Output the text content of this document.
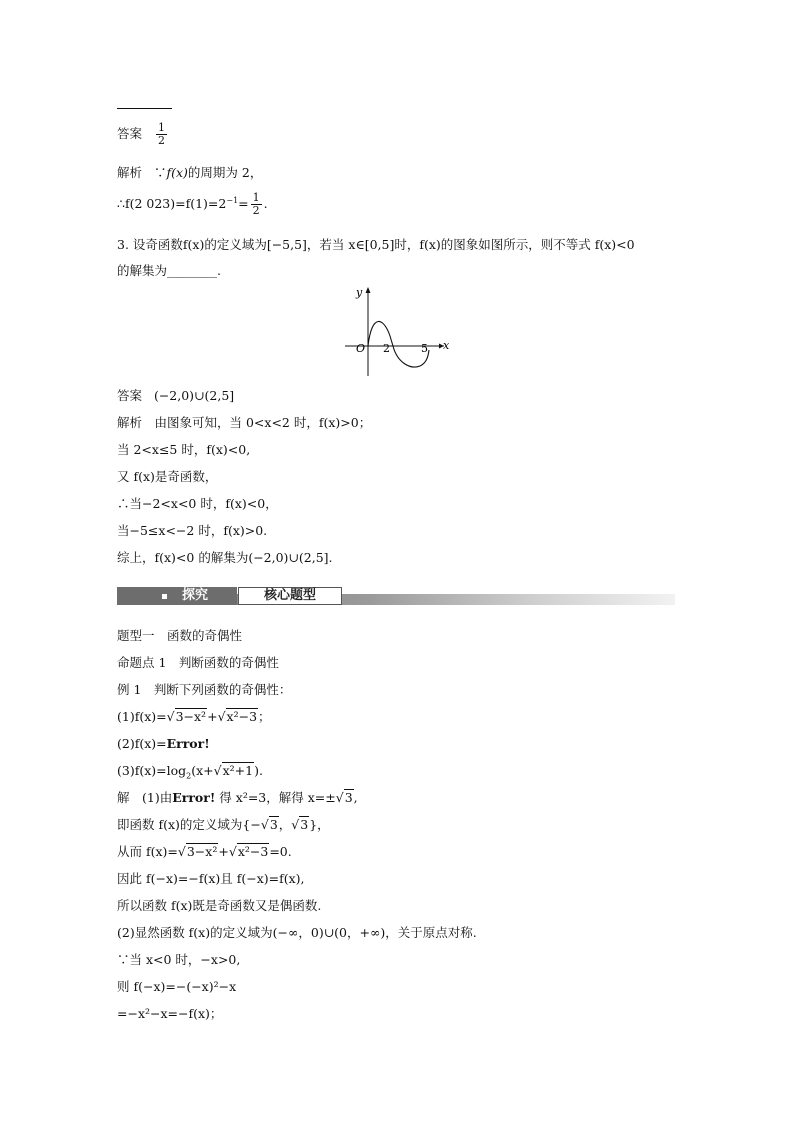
答案 $\frac{1}{2}$
解析 ∵f(x)的周期为 2，
∴f(2 $023)=f(1)=2^{-1}= \frac{1}{2}$ .
3. 设奇函数f(x)的定义域为[−5,5]，若当 x∈[0,5]时，f(x)的图象如图所示，则不等式 f(x)<0
的解集为________.
y
x
O 2	5
答案 (−2,0)∪(2,5]
解析　由图象可知，当 0<x<2 时，f(x)>0；
当 2<x≤5 时，f(x)<0,
又 f(x)是奇函数，
∴当−2<x<0 时，f(x)<0，
当−5≤x<−2 时，f(x)>0.
综上，f(x)<0 的解集为(−2,0)∪(2,5].
探究	核心题型
题型一　函数的奇偶性
命题点 1　判断函数的奇偶性
例 1　判断下列函数的奇偶性：
(1)f(x)=√3−x²+√x²−3；
(2)f(x)=Error!
$(3)f(x)=\log_2(x+√x^2+1)$.
解　(1)由Error! 得 x²=3，解得 x=±√3,
即函数 f(x)的定义域为{−√3，√3}，
从而 f(x)=√3−x²+√x²−3=0.
因此 f(−x)=−f(x)且 f(−x)=f(x),
所以函数 f(x)既是奇函数又是偶函数.
(2)显然函数 f(x)的定义域为(−∞，0)∪(0，+∞)，关于原点对称.
∵当 x<0 时，−x>0,
则 f(−x)=−(−x)²−x
=−x²−x=−f(x)；
